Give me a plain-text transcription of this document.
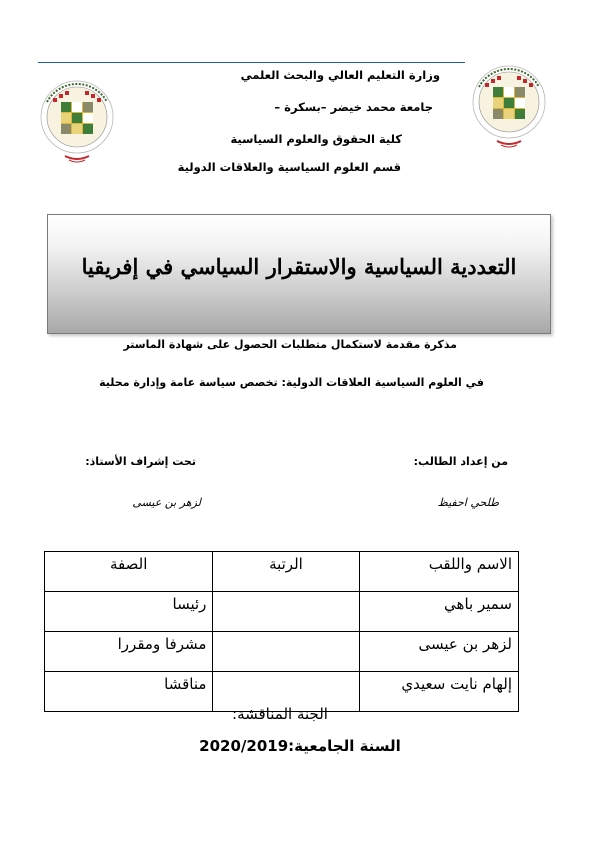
وزارة التعليم العالي والبحث العلمي
جامعة محمد خيضر –بسكرة –
كلية الحقوق والعلوم السياسية
قسم العلوم السياسية والعلاقات الدولية
التعددية السياسية والاستقرار السياسي في إفريقيا
مذكرة مقدمة لاستكمال متطلبات الحصول على شهادة الماستر
في العلوم السياسية العلاقات الدولية: تخصص سياسة عامة وإدارة محلية
من إعداد الطالب:
تحت إشراف الأستاذ:
طلحي احفيظ
لزهر بن عيسى
الاسم واللقب	الرتبة	الصفة
سمير باهي		رئيسا
لزهر بن عيسى		مشرفا ومقررا
إلهام نايت سعيدي		مناقشا
الجنة المناقشة:
السنة الجامعية:2020/2019
